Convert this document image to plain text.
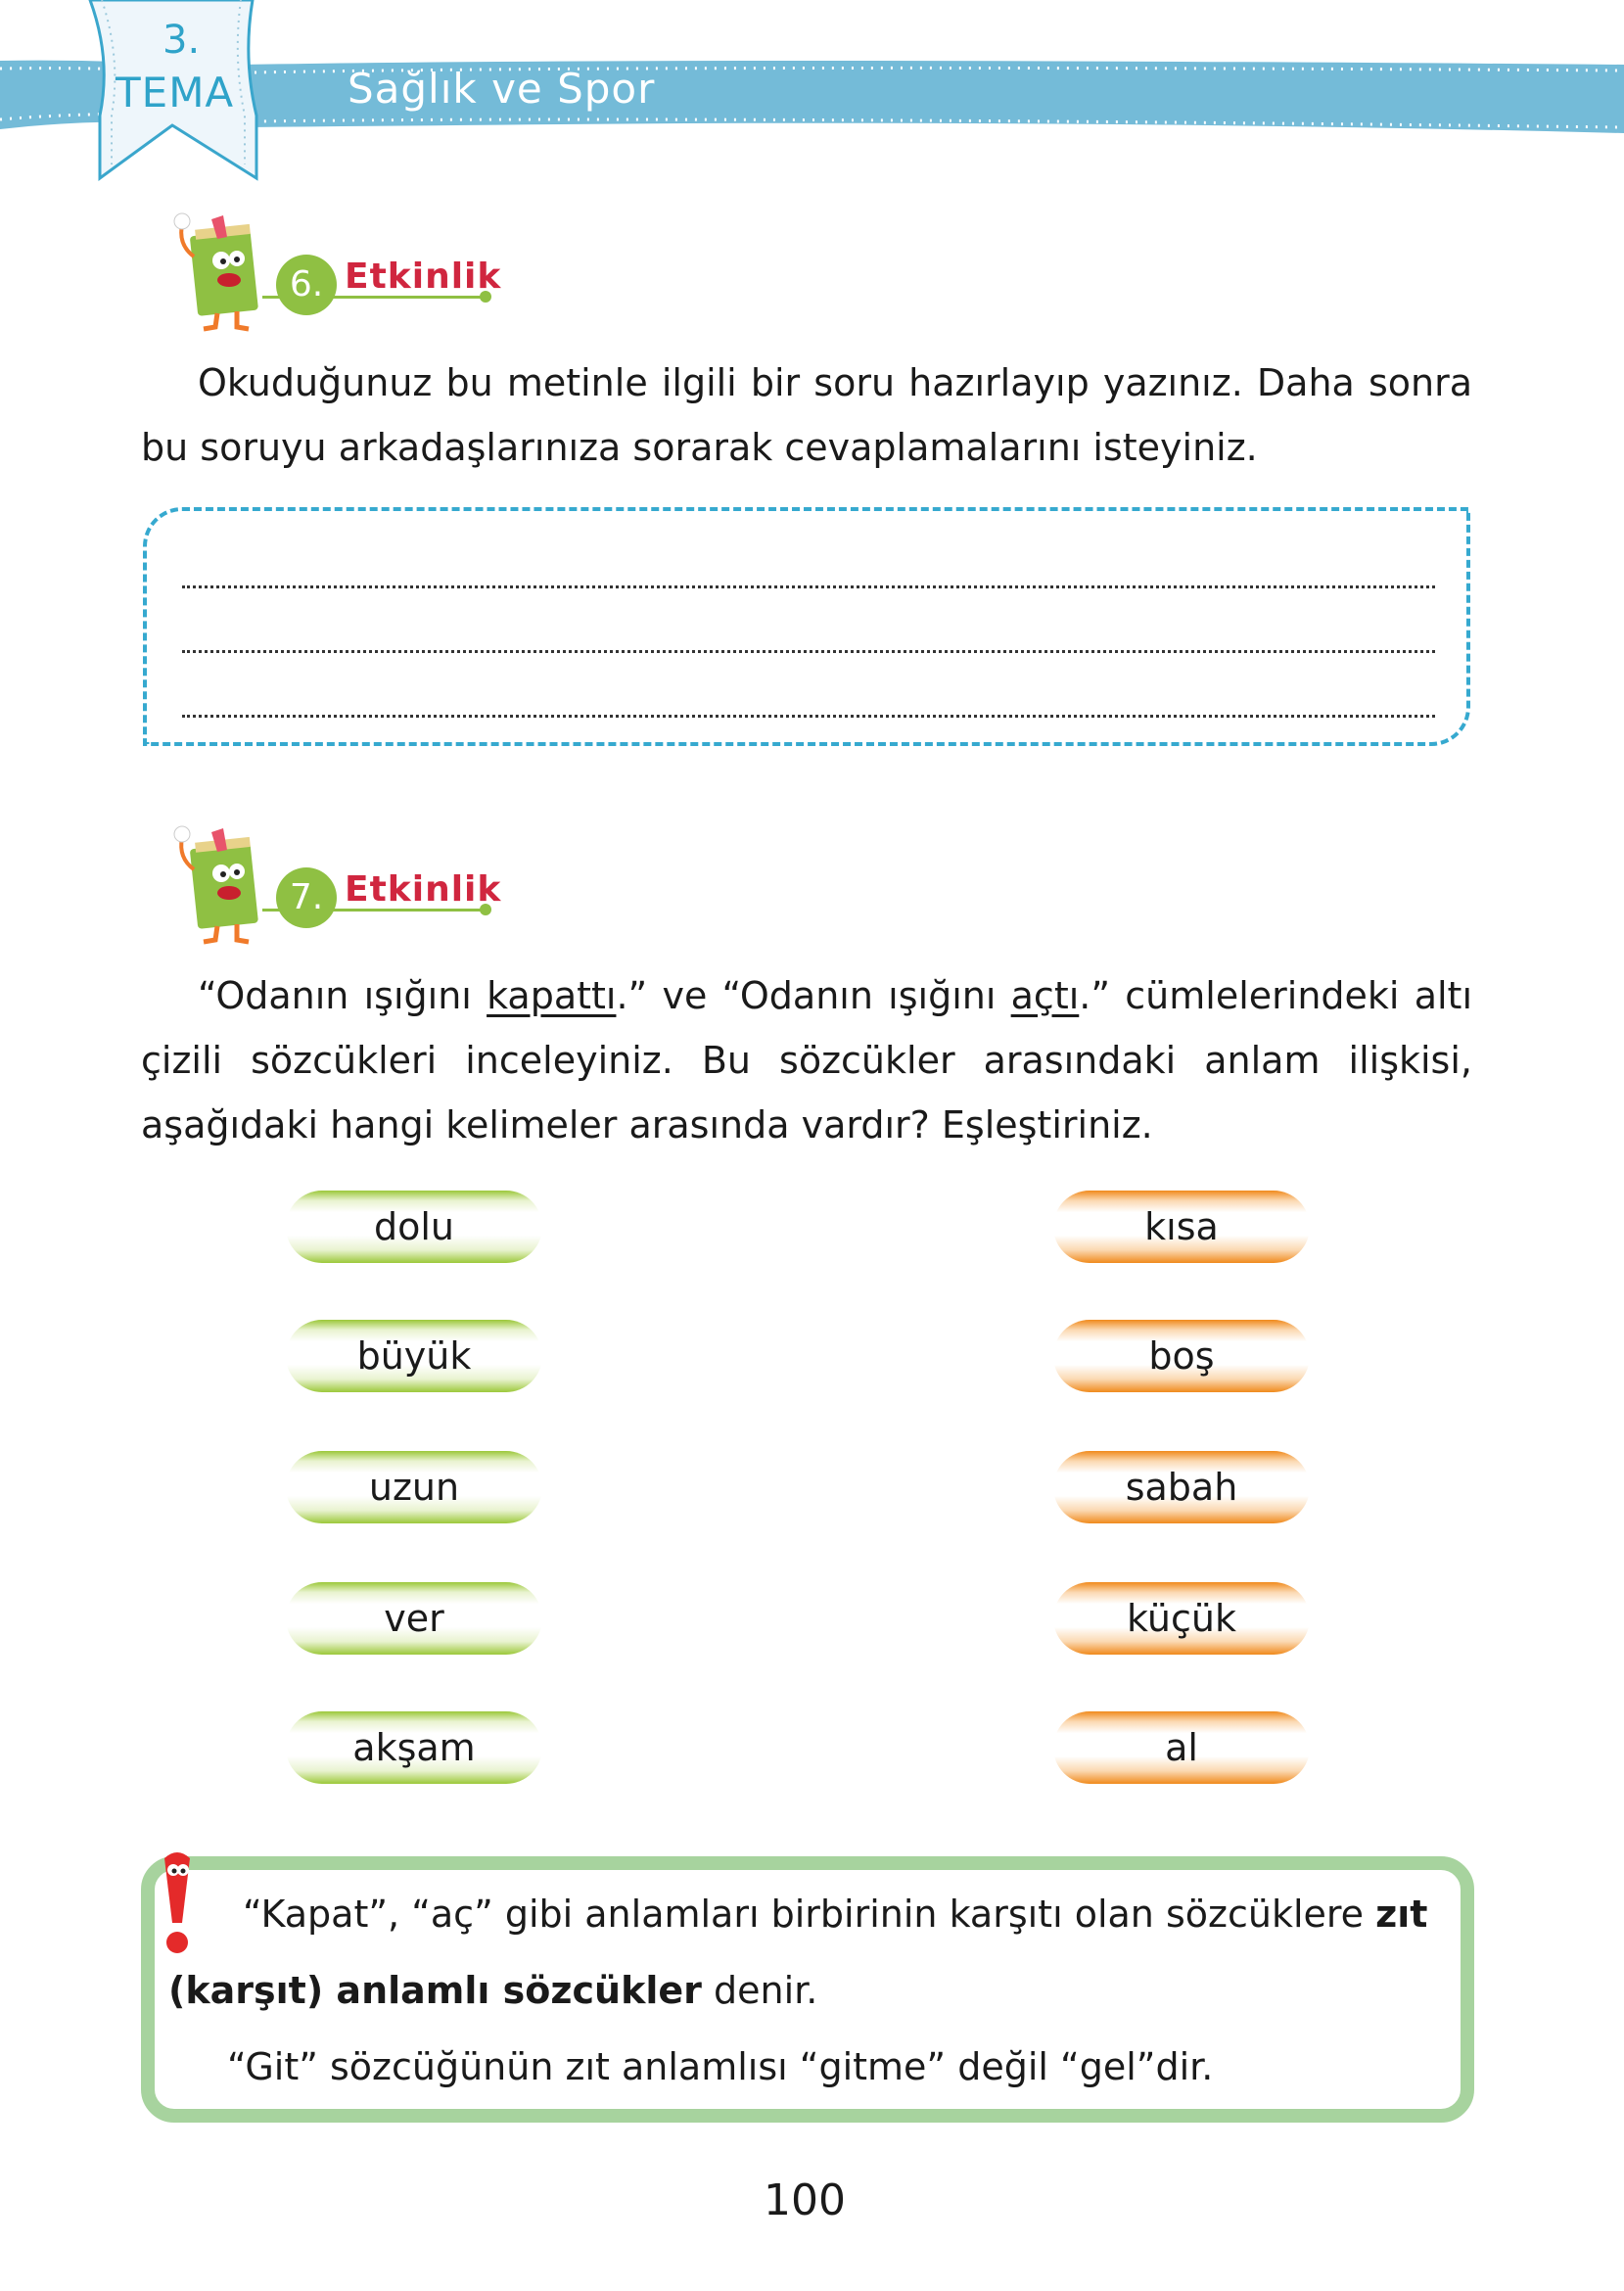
3.
TEMA	Sağlık ve Spor
6. Etkinlik
Okuduğunuz bu metinle ilgili bir soru hazırlayıp yazınız. Daha sonra bu soruyu arkadaşlarınıza sorarak cevaplamalarını isteyiniz.
7. Etkinlik
“Odanın ışığını kapattı.” ve “Odanın ışığını açtı.” cümlelerindeki altı çizili sözcükleri inceleyiniz. Bu sözcükler arasındaki anlam ilişkisi, aşağıdaki hangi kelimeler arasında vardır? Eşleştiriniz.
dolu
büyük
uzun
ver
akşam
kısa
boş
sabah
küçük
al
“Kapat”, “aç” gibi anlamları birbirinin karşıtı olan sözcüklere zıt
(karşıt) anlamlı sözcükler denir.
“Git” sözcüğünün zıt anlamlısı “gitme” değil “gel”dir.
100
